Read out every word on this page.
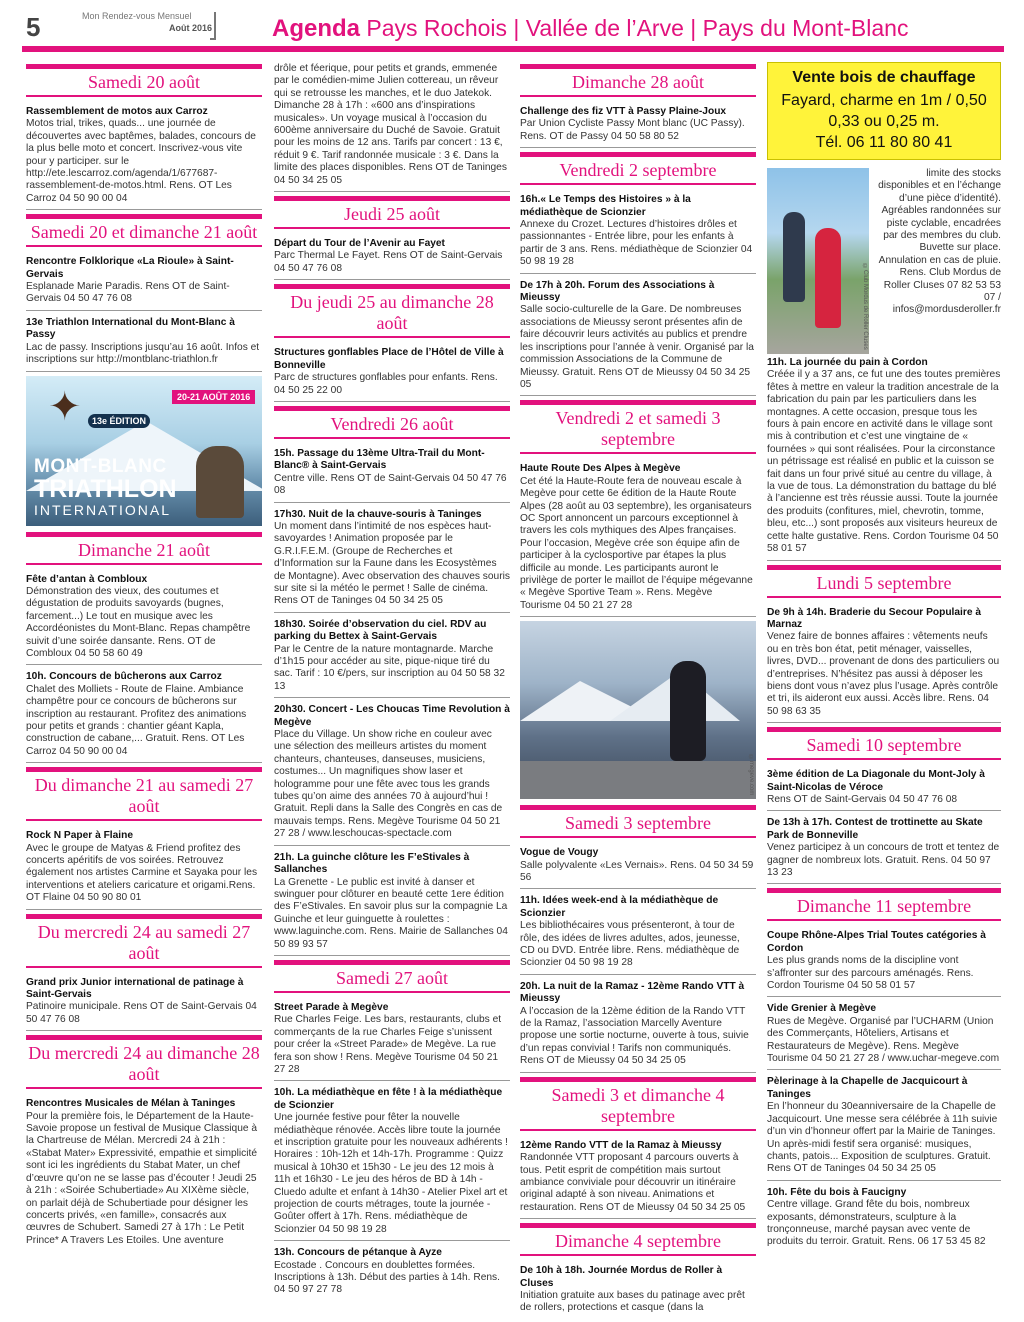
5	Mon Rendez-vous Mensuel
Août 2016	Agenda Pays Rochois | Vallée de l’Arve | Pays du Mont-Blanc
Samedi 20 août
Rassemblement de motos aux Carroz
Motos trial, trikes, quads... une journée de découvertes avec baptêmes, balades, concours de la plus belle moto et concert. Inscrivez-vous vite pour y participer. sur le http://ete.lescarroz.com/agenda/1/677687-rassemblement-de-motos.html. Rens. OT Les Carroz 04 50 90 00 04
Samedi 20 et dimanche 21 août
Rencontre Folklorique «La Rioule» à Saint-Gervais
Esplanade Marie Paradis. Rens OT de Saint-Gervais 04 50 47 76 08
13e Triathlon International du Mont-Blanc à Passy
Lac de passy. Inscriptions jusqu’au 16 août. Infos et inscriptions sur http://montblanc-triathlon.fr
✦	13e ÉDITION
20-21 AOÛT 2016
MONT-BLANC
TRIATHLON
INTERNATIONAL
Dimanche 21 août
Fête d’antan à Combloux
Démonstration des vieux, des coutumes et dégustation de produits savoyards (bugnes, farcement...) Le tout en musique avec les Accordéonistes du Mont-Blanc. Repas champêtre suivit d’une soirée dansante. Rens. OT de Combloux 04 50 58 60 49
10h. Concours de bûcherons aux Carroz
Chalet des Molliets - Route de Flaine. Ambiance champêtre pour ce concours de bûcherons sur inscription au restaurant. Profitez des animations pour petits et grands : chantier géant Kapla, construction de cabane,... Gratuit. Rens. OT Les Carroz 04 50 90 00 04
Du dimanche 21 au samedi 27 août
Rock N Paper à Flaine
Avec le groupe de Matyas & Friend profitez des concerts apéritifs de vos soirées. Retrouvez également nos artistes Carmine et Sayaka pour les interventions et ateliers caricature et origami.Rens. OT Flaine 04 50 90 80 01
Du mercredi 24 au samedi 27 août
Grand prix Junior international de patinage à Saint-Gervais
Patinoire municipale. Rens OT de Saint-Gervais 04 50 47 76 08
Du mercredi 24 au dimanche 28 août
Rencontres Musicales de Mélan à Taninges
Pour la première fois, le Département de la Haute-Savoie propose un festival de Musique Classique à la Chartreuse de Mélan. Mercredi 24 à 21h : «Stabat Mater» Expressivité, empathie et simplicité sont ici les ingrédients du Stabat Mater, un chef d’œuvre qu’on ne se lasse pas d’écouter ! Jeudi 25 à 21h : «Soirée Schubertiade» Au XIXème siècle, on parlait déjà de Schubertiade pour désigner les concerts privés, «en famille», consacrés aux œuvres de Schubert. Samedi 27 à 17h : Le Petit Prince* A Travers Les Etoiles. Une aventure
drôle et féerique, pour petits et grands, emmenée par le comédien-mime Julien cottereau, un rêveur qui se retrousse les manches, et le duo Jatekok. Dimanche 28 à 17h : «600 ans d’inspirations musicales». Un voyage musical à l’occasion du 600ème anniversaire du Duché de Savoie. Gratuit pour les moins de 12 ans. Tarifs par concert : 13 €, réduit 9 €. Tarif randonnée musicale : 3 €. Dans la limite des places disponibles. Rens OT de Taninges 04 50 34 25 05
Jeudi 25 août
Départ du Tour de l’Avenir au Fayet
Parc Thermal Le Fayet. Rens OT de Saint-Gervais 04 50 47 76 08
Du jeudi 25 au dimanche 28 août
Structures gonflables Place de l’Hôtel de Ville à Bonneville
Parc de structures gonflables pour enfants. Rens. 04 50 25 22 00
Vendredi 26 août
15h. Passage du 13ème Ultra-Trail du Mont-Blanc® à Saint-Gervais
Centre ville. Rens OT de Saint-Gervais 04 50 47 76 08
17h30. Nuit de la chauve-souris à Taninges
Un moment dans l’intimité de nos espèces haut-savoyardes ! Animation proposée par le G.R.I.F.E.M. (Groupe de Recherches et d’Information sur la Faune dans les Ecosystèmes de Montagne). Avec observation des chauves souris sur site si la météo le permet ! Salle de cinéma. Rens OT de Taninges 04 50 34 25 05
18h30. Soirée d’observation du ciel. RDV au parking du Bettex à Saint-Gervais
Par le Centre de la nature montagnarde. Marche d’1h15 pour accéder au site, pique-nique tiré du sac. Tarif : 10 €/pers, sur inscription au 04 50 58 32 13
20h30. Concert - Les Choucas Time Revolution à Megève
Place du Village. Un show riche en couleur avec une sélection des meilleurs artistes du moment chanteurs, chanteuses, danseuses, musiciens, costumes... Un magnifiques show laser et hologramme pour une fête avec tous les grands tubes qu’on aime des années 70 à aujourd’hui ! Gratuit. Repli dans la Salle des Congrès en cas de mauvais temps. Rens. Megève Tourisme 04 50 21 27 28 / www.leschoucas-spectacle.com
21h. La guinche clôture les F’eStivales à Sallanches
La Grenette - Le public est invité à danser et swinguer pour clôturer en beauté cette 1ere édition des F’eStivales. En savoir plus sur la compagnie La Guinche et leur guinguette à roulettes : www.laguinche.com. Rens. Mairie de Sallanches 04 50 89 93 57
Samedi 27 août
Street Parade à Megève
Rue Charles Feige. Les bars, restaurants, clubs et commerçants de la rue Charles Feige s’unissent pour créer la «Street Parade» de Megève. La rue fera son show ! Rens. Megève Tourisme 04 50 21 27 28
10h. La médiathèque en fête ! à la médiathèque de Scionzier
Une journée festive pour fêter la nouvelle médiathèque rénovée. Accès libre toute la journée et inscription gratuite pour les nouveaux adhérents ! Horaires : 10h-12h et 14h-17h. Programme : Quizz musical à 10h30 et 15h30 - Le jeu des 12 mois à 11h et 16h30 - Le jeu des héros de BD à 14h - Cluedo adulte et enfant à 14h30 - Atelier Pixel art et projection de courts métrages, toute la journée - Goûter offert à 17h. Rens. médiathèque de Scionzier 04 50 98 19 28
13h. Concours de pétanque à Ayze
Ecostade . Concours en doublettes formées. Inscriptions à 13h. Début des parties à 14h. Rens. 04 50 97 27 78
Dimanche 28 août
Challenge des fiz VTT à Passy Plaine-Joux
Par Union Cycliste Passy Mont blanc (UC Passy). Rens. OT de Passy 04 50 58 80 52
Vendredi 2 septembre
16h.« Le Temps des Histoires » à la médiathèque de Scionzier
Annexe du Crozet. Lectures d’histoires drôles et passionnantes - Entrée libre, pour les enfants à partir de 3 ans. Rens. médiathèque de Scionzier 04 50 98 19 28
De 17h à 20h. Forum des Associations à Mieussy
Salle socio-culturelle de la Gare. De nombreuses associations de Mieussy seront présentes afin de faire découvrir leurs activités au publics et prendre les inscriptions pour l’année à venir. Organisé par la commission Associations de la Commune de Mieussy. Gratuit. Rens OT de Mieussy 04 50 34 25 05
Vendredi 2 et samedi 3 septembre
Haute Route Des Alpes à Megève
Cet été la Haute-Route fera de nouveau escale à Megève pour cette 6e édition de la Haute Route Alpes (28 août au 03 septembre), les organisateurs OC Sport annoncent un parcours exceptionnel à travers les cols mythiques des Alpes françaises. Pour l’occasion, Megève crée son équipe afin de participer à la cyclosportive par étapes la plus difficile au monde. Les participants auront le privilège de porter le maillot de l’équipe mégevanne « Megève Sportive Team ». Rens. Megève Tourisme 04 50 21 27 28
©megeve.com
Samedi 3 septembre
Vogue de Vougy
Salle polyvalente «Les Vernais». Rens. 04 50 34 59 56
11h. Idées week-end à la médiathèque de Scionzier
Les bibliothécaires vous présenteront, à tour de rôle, des idées de livres adultes, ados, jeunesse, CD ou DVD. Entrée libre. Rens. médiathèque de Scionzier 04 50 98 19 28
20h. La nuit de la Ramaz - 12ème Rando VTT à Mieussy
A l’occasion de la 12ème édition de la Rando VTT de la Ramaz, l’association Marcelly Aventure propose une sortie nocturne, ouverte à tous, suivie d’un repas convivial ! Tarifs non communiqués. Rens OT de Mieussy 04 50 34 25 05
Samedi 3 et dimanche 4 septembre
12ème Rando VTT de la Ramaz à Mieussy
Randonnée VTT proposant 4 parcours ouverts à tous. Petit esprit de compétition mais surtout ambiance conviviale pour découvrir un itinéraire original adapté à son niveau. Animations et restauration. Rens OT de Mieussy 04 50 34 25 05
Dimanche 4 septembre
De 10h à 18h. Journée Mordus de Roller à Cluses
Initiation gratuite aux bases du patinage avec prêt de rollers, protections et casque (dans la
Vente bois de chauffage
Fayard, charme en 1m / 0,50
0,33 ou 0,25 m.
Tél. 06 11 80 80 41
©Club Mordus de Roller Cluses
limite des stocks disponibles et en l’échange d’une pièce d’identité). Agréables randonnées sur piste cyclable, encadrées par des membres du club. Buvette sur place. Annulation en cas de pluie. Rens. Club Mordus de Roller Cluses 07 82 53 53 07 / infos@mordusderoller.fr
11h. La journée du pain à Cordon
Créée il y a 37 ans, ce fut une des toutes premières fêtes à mettre en valeur la tradition ancestrale de la fabrication du pain par les particuliers dans les montagnes. A cette occasion, presque tous les fours à pain encore en activité dans le village sont mis à contribution et c’est une vingtaine de « fournées » qui sont réalisées. Pour la circonstance un pétrissage est réalisé en public et la cuisson se fait dans un four privé situé au centre du village, à la vue de tous. La démonstration du battage du blé à l’ancienne est très réussie aussi. Toute la journée des produits (confitures, miel, chevrotin, tomme, bleu, etc...) sont proposés aux visiteurs heureux de cette halte gustative. Rens. Cordon Tourisme 04 50 58 01 57
Lundi 5 septembre
De 9h à 14h. Braderie du Secour Populaire à Marnaz
Venez faire de bonnes affaires : vêtements neufs ou en très bon état, petit ménager, vaisselles, livres, DVD... provenant de dons des particuliers ou d’entreprises. N’hésitez pas aussi à déposer les biens dont vous n’avez plus l’usage. Après contrôle et tri, ils aideront eux aussi. Accès libre. Rens. 04 50 98 63 35
Samedi 10 septembre
3ème édition de La Diagonale du Mont-Joly à Saint-Nicolas de Véroce
Rens OT de Saint-Gervais 04 50 47 76 08
De 13h à 17h. Contest de trottinette au Skate Park de Bonneville
Venez participez à un concours de trott et tentez de gagner de nombreux lots. Gratuit. Rens. 04 50 97 13 23
Dimanche 11 septembre
Coupe Rhône-Alpes Trial Toutes catégories à Cordon
Les plus grands noms de la discipline vont s’affronter sur des parcours aménagés. Rens. Cordon Tourisme 04 50 58 01 57
Vide Grenier à Megève
Rues de Megève. Organisé par l’UCHARM (Union des Commerçants, Hôteliers, Artisans et Restaurateurs de Megève). Rens. Megève Tourisme 04 50 21 27 28 / www.uchar-megeve.com
Pèlerinage à la Chapelle de Jacquicourt à Taninges
En l’honneur du 30eanniversaire de la Chapelle de Jacquicourt. Une messe sera célébrée à 11h suivie d’un vin d’honneur offert par la Mairie de Taninges. Un après-midi festif sera organisé: musiques, chants, patois... Exposition de sculptures. Gratuit. Rens OT de Taninges 04 50 34 25 05
10h. Fête du bois à Faucigny
Centre village. Grand fête du bois, nombreux exposants, démonstrateurs, sculpture à la tronçonneuse, marché paysan avec vente de produits du terroir. Gratuit. Rens. 06 17 53 45 82
